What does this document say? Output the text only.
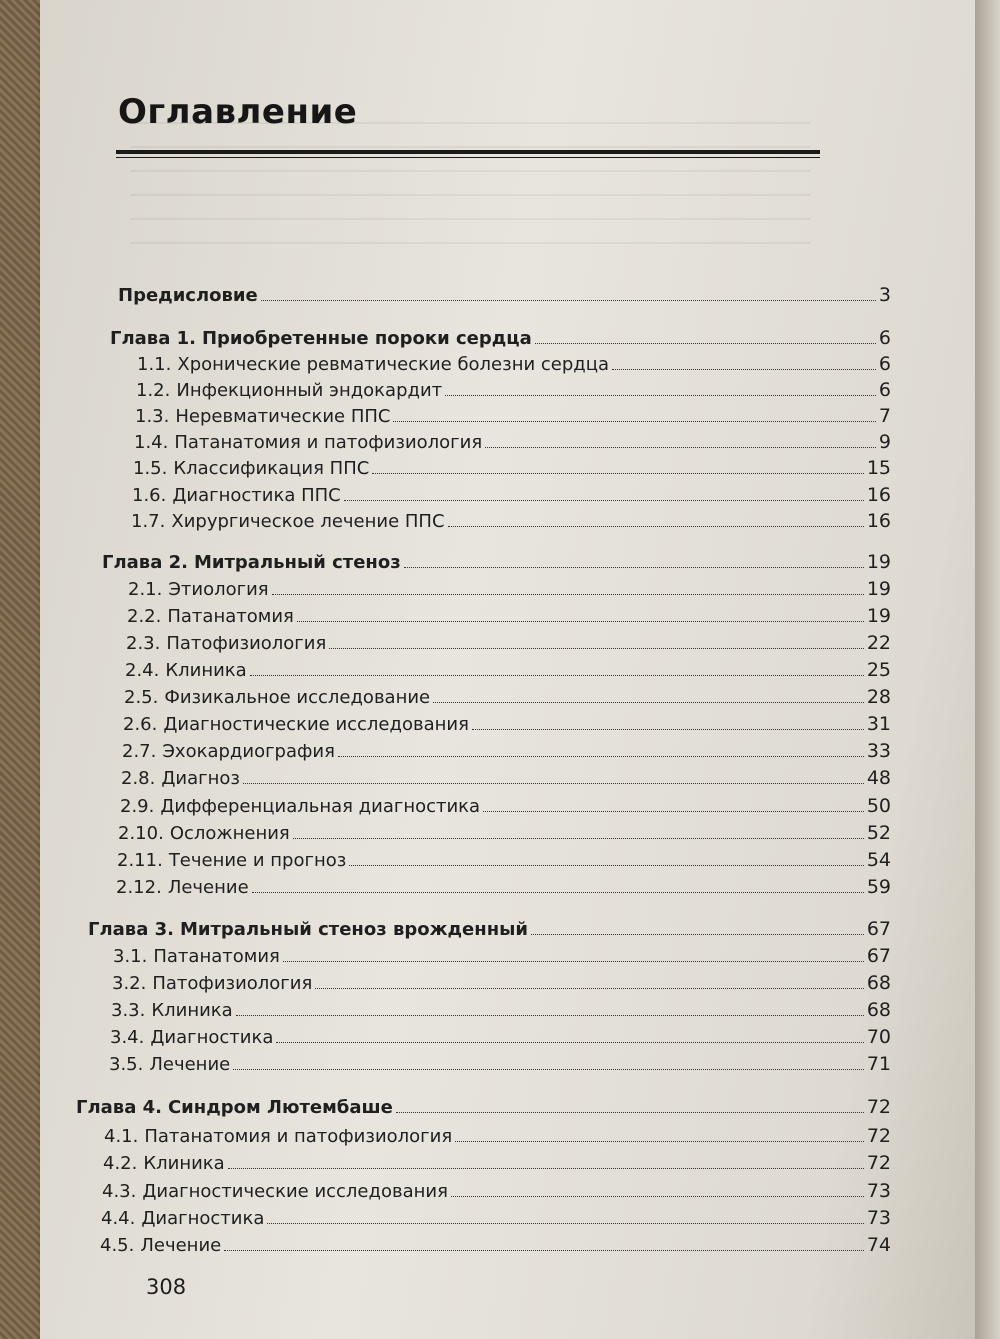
Оглавление
Предисловие	3
Глава 1. Приобретенные пороки сердца	6
1.1. Хронические ревматические болезни сердца	6
1.2. Инфекционный эндокардит	6
1.3. Неревматические ППС	7
1.4. Патанатомия и патофизиология	9
1.5. Классификация ППС	15
1.6. Диагностика ППС	16
1.7. Хирургическое лечение ППС	16
Глава 2. Митральный стеноз	19
2.1. Этиология	19
2.2. Патанатомия	19
2.3. Патофизиология	22
2.4. Клиника	25
2.5. Физикальное исследование	28
2.6. Диагностические исследования	31
2.7. Эхокардиография	33
2.8. Диагноз	48
2.9. Дифференциальная диагностика	50
2.10. Осложнения	52
2.11. Течение и прогноз	54
2.12. Лечение	59
Глава 3. Митральный стеноз врожденный	67
3.1. Патанатомия	67
3.2. Патофизиология	68
3.3. Клиника	68
3.4. Диагностика	70
3.5. Лечение	71
Глава 4. Синдром Лютембаше	72
4.1. Патанатомия и патофизиология	72
4.2. Клиника	72
4.3. Диагностические исследования	73
4.4. Диагностика	73
4.5. Лечение	74
308
